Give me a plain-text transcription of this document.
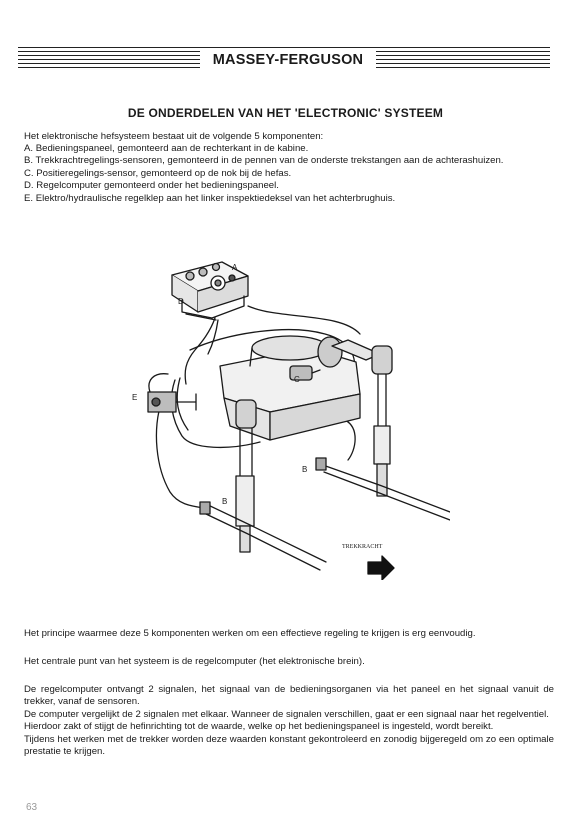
MASSEY-FERGUSON
DE ONDERDELEN VAN HET 'ELECTRONIC' SYSTEEM
Het elektronische hefsysteem bestaat uit de volgende 5 komponenten:
A. Bedieningspaneel, gemonteerd aan de rechterkant in de kabine.
B. Trekkrachtregelings-sensoren, gemonteerd in de pennen van de onderste trekstangen aan de achterashuizen.
C. Positieregelings-sensor, gemonteerd op de nok bij de hefas.
D. Regelcomputer gemonteerd onder het bedieningspaneel.
E. Elektro/hydraulische regelklep aan het linker inspektiedeksel van het achterbrughuis.
A
D
C
E
B
B
TREKKRACHT
Het principe waarmee deze 5 komponenten werken om een effectieve regeling te krijgen is erg eenvoudig.
Het centrale punt van het systeem is de regelcomputer (het elektronische brein).
De regelcomputer ontvangt 2 signalen, het signaal van de bedieningsorganen via het paneel en het signaal vanuit de trekker, vanaf de sensoren.
De computer vergelijkt de 2 signalen met elkaar. Wanneer de signalen verschillen, gaat er een signaal naar het regelventiel.
Hierdoor zakt of stijgt de hefinrichting tot de waarde, welke op het bedieningspaneel is ingesteld, wordt bereikt.
Tijdens het werken met de trekker worden deze waarden konstant gekontroleerd en zonodig bijgeregeld om zo een optimale prestatie te krijgen.
63
